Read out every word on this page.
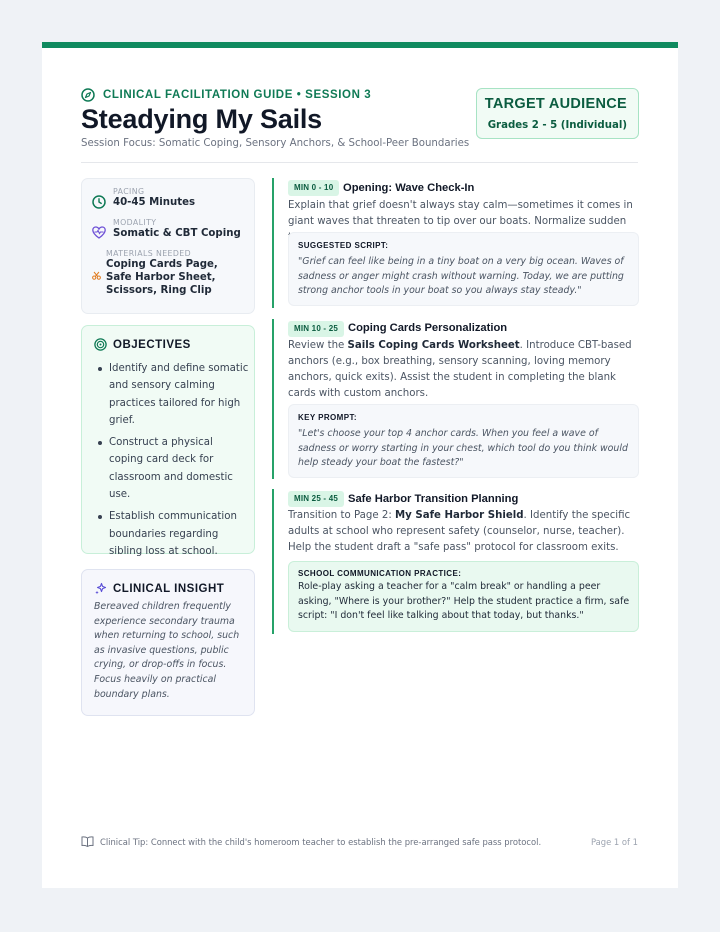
CLINICAL FACILITATION GUIDE • SESSION 3
Steadying My Sails
Session Focus: Somatic Coping, Sensory Anchors, & School-Peer Boundaries
TARGET AUDIENCE
Grades 2 - 5 (Individual)
PACING
40-45 Minutes
MODALITY
Somatic & CBT Coping
MATERIALS NEEDED
Coping Cards Page, Safe Harbor Sheet, Scissors, Ring Clip
OBJECTIVES
Identify and define somatic and sensory calming practices tailored for high grief.
Construct a physical coping card deck for classroom and domestic use.
Establish communication boundaries regarding sibling loss at school.
CLINICAL INSIGHT
Bereaved children frequently experience secondary trauma when returning to school, such as invasive questions, public crying, or drop-offs in focus. Focus heavily on practical boundary plans.
MIN 0 - 10 Opening: Wave Check-In
Explain that grief doesn't always stay calm—sometimes it comes in giant waves that threaten to tip over our boats. Normalize sudden
SUGGESTED SCRIPT:
"Grief can feel like being in a tiny boat on a very big ocean. Waves of sadness or anger might crash without warning. Today, we are putting strong anchor tools in your boat so you always stay steady."
MIN 10 - 25 Coping Cards Personalization
Review the Sails Coping Cards Worksheet. Introduce CBT-based anchors (e.g., box breathing, sensory scanning, loving memory anchors, quick exits). Assist the student in completing the blank cards with custom anchors.
KEY PROMPT:
"Let's choose your top 4 anchor cards. When you feel a wave of sadness or worry starting in your chest, which tool do you think would help steady your boat the fastest?"
MIN 25 - 45 Safe Harbor Transition Planning
Transition to Page 2: My Safe Harbor Shield. Identify the specific adults at school who represent safety (counselor, nurse, teacher). Help the student draft a "safe pass" protocol for classroom exits.
SCHOOL COMMUNICATION PRACTICE:
Role-play asking a teacher for a "calm break" or handling a peer asking, "Where is your brother?" Help the student practice a firm, safe script: "I don't feel like talking about that today, but thanks."
Clinical Tip: Connect with the child's homeroom teacher to establish the pre-arranged safe pass protocol.	Page 1 of 1
